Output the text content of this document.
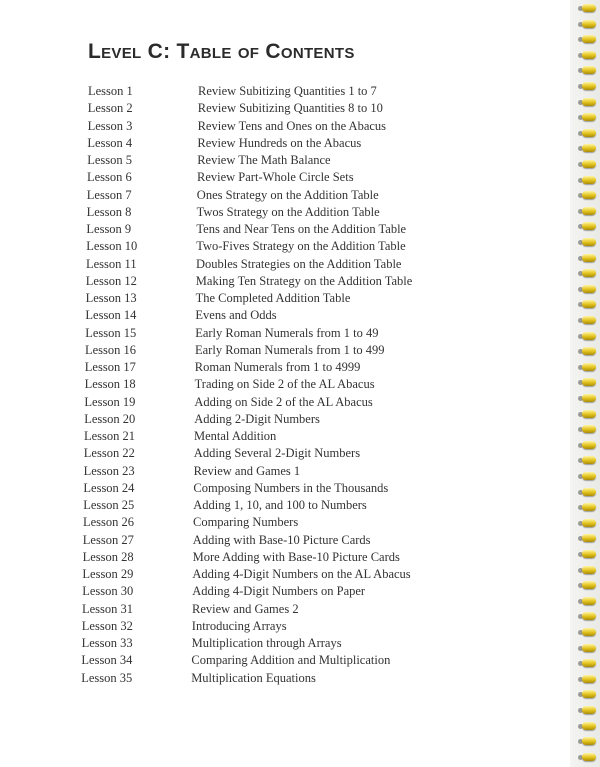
Level C: Table of Contents
Lesson 1	Review Subitizing Quantities 1 to 7
Lesson 2	Review Subitizing Quantities 8 to 10
Lesson 3	Review Tens and Ones on the Abacus
Lesson 4	Review Hundreds on the Abacus
Lesson 5	Review The Math Balance
Lesson 6	Review Part-Whole Circle Sets
Lesson 7	Ones Strategy on the Addition Table
Lesson 8	Twos Strategy on the Addition Table
Lesson 9	Tens and Near Tens on the Addition Table
Lesson 10	Two-Fives Strategy on the Addition Table
Lesson 11	Doubles Strategies on the Addition Table
Lesson 12	Making Ten Strategy on the Addition Table
Lesson 13	The Completed Addition Table
Lesson 14	Evens and Odds
Lesson 15	Early Roman Numerals from 1 to 49
Lesson 16	Early Roman Numerals from 1 to 499
Lesson 17	Roman Numerals from 1 to 4999
Lesson 18	Trading on Side 2 of the AL Abacus
Lesson 19	Adding on Side 2 of the AL Abacus
Lesson 20	Adding 2-Digit Numbers
Lesson 21	Mental Addition
Lesson 22	Adding Several 2-Digit Numbers
Lesson 23	Review and Games 1
Lesson 24	Composing Numbers in the Thousands
Lesson 25	Adding 1, 10, and 100 to Numbers
Lesson 26	Comparing Numbers
Lesson 27	Adding with Base-10 Picture Cards
Lesson 28	More Adding with Base-10 Picture Cards
Lesson 29	Adding 4-Digit Numbers on the AL Abacus
Lesson 30	Adding 4-Digit Numbers on Paper
Lesson 31	Review and Games 2
Lesson 32	Introducing Arrays
Lesson 33	Multiplication through Arrays
Lesson 34	Comparing Addition and Multiplication
Lesson 35	Multiplication Equations
